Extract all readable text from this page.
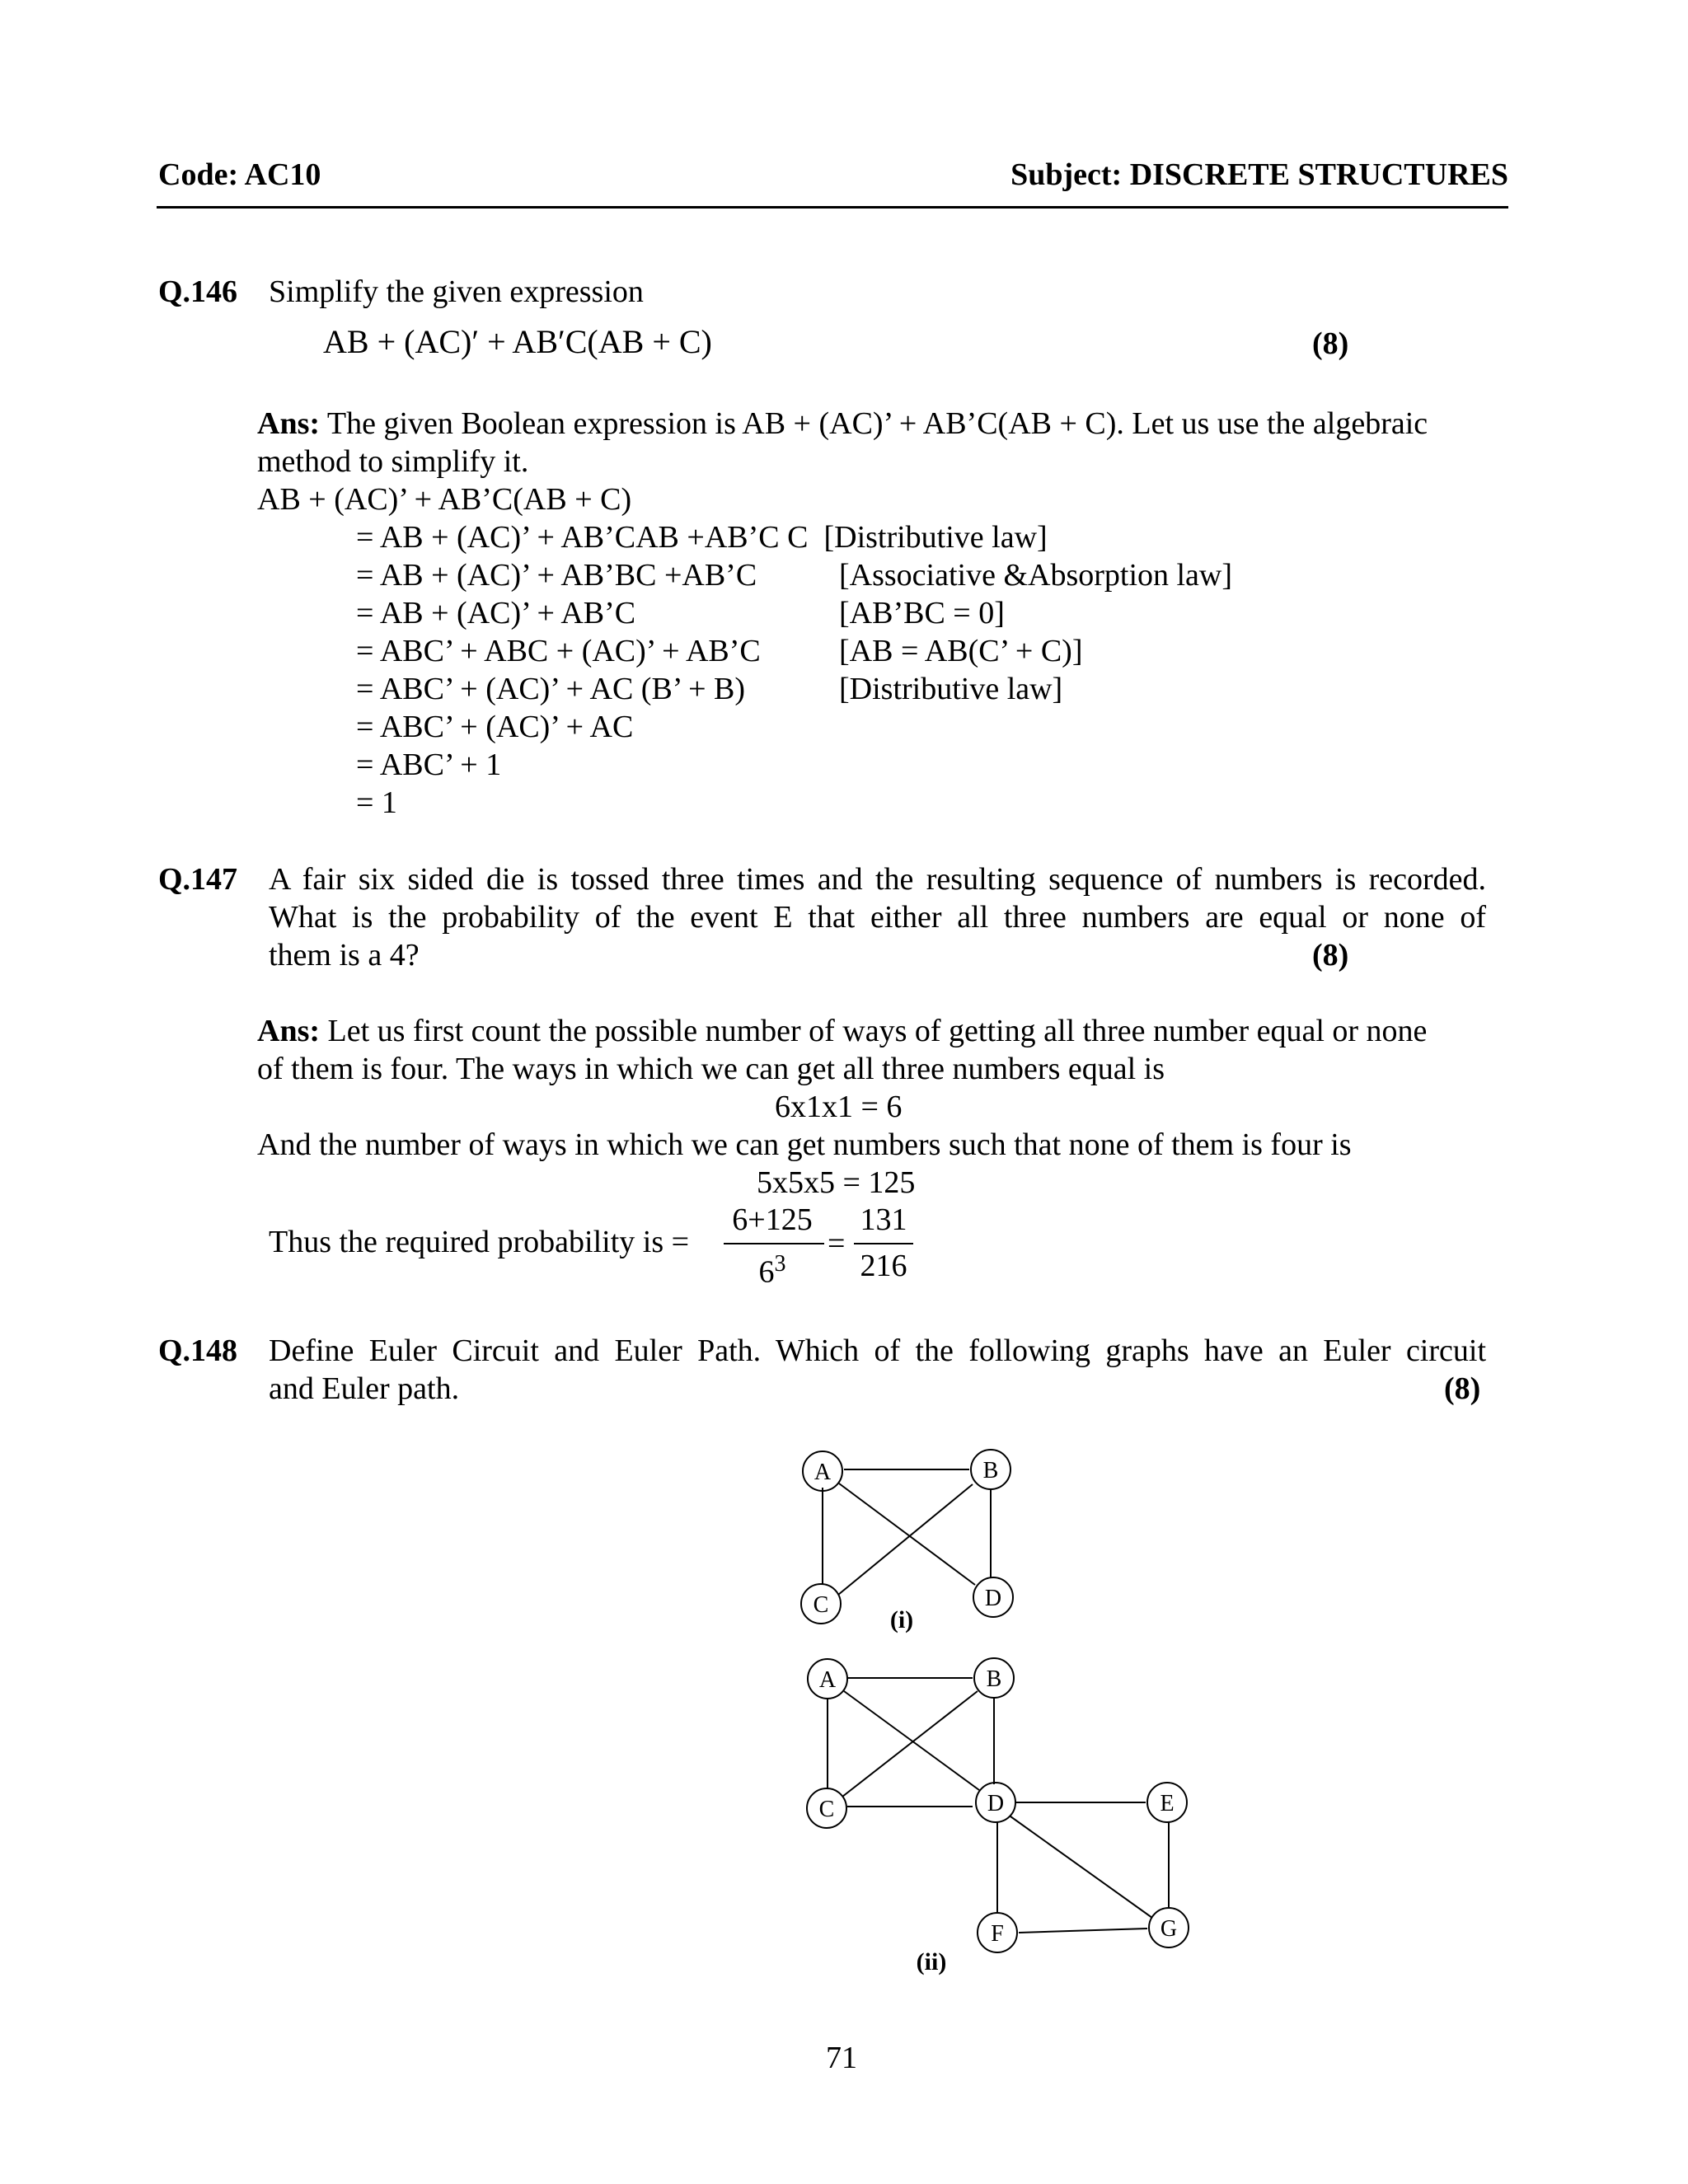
Code: AC10	Subject: DISCRETE STRUCTURES
Q.146 Simplify the given expression
AB + (AC)′ + AB′C(AB + C)	(8)
Ans: The given Boolean expression is AB + (AC)’ + AB’C(AB + C). Let us use the algebraic
method to simplify it.
AB + (AC)’ + AB’C(AB + C)
= AB + (AC)’ + AB’CAB +AB’C C [Distributive law]
= AB + (AC)’ + AB’BC +AB’C	[Associative &Absorption law]
= AB + (AC)’ + AB’C	[AB’BC = 0]
= ABC’ + ABC + (AC)’ + AB’C	[AB = AB(C’ + C)]
= ABC’ + (AC)’ + AC (B’ + B)	[Distributive law]
= ABC’ + (AC)’ + AC
= ABC’ + 1
= 1
Q.147 A fair six sided die is tossed three times and the resulting sequence of numbers is recorded.
What is the probability of the event E that either all three numbers are equal or none of
them is a 4?	(8)
Ans: Let us first count the possible number of ways of getting all three number equal or none
of them is four. The ways in which we can get all three numbers equal is
6x1x1 = 6
And the number of ways in which we can get numbers such that none of them is four is
5x5x5 = 125
Thus the required probability is =
6+125
$6^3$
=
131
216
Q.148 Define Euler Circuit and Euler Path. Which of the following graphs have an Euler circuit
and Euler path.	(8)
A	B
C	D
(i)
A	B
C	D	E
F	G
(ii)
71
